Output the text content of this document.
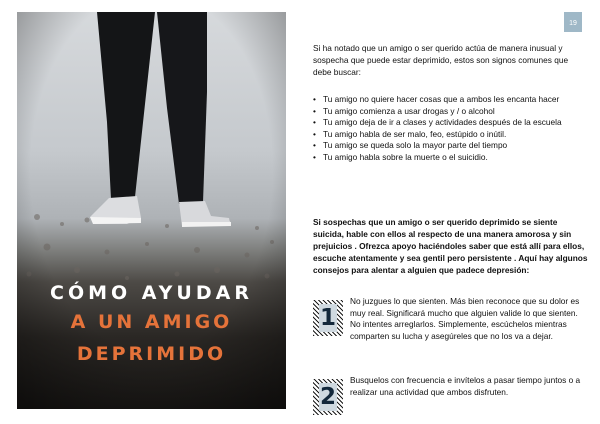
CÓMO AYUDAR
A UN AMIGO
DEPRIMIDO
19

Si ha notado que un amigo o ser querido actúa de manera inusual y sospecha que puede estar deprimido, estos son signos comunes que debe buscar:

• Tu amigo no quiere hacer cosas que a ambos les encanta hacer
• Tu amigo comienza a usar drogas y / o alcohol
• Tu amigo deja de ir a clases y actividades después de la escuela
• Tu amigo habla de ser malo, feo, estúpido o inútil.
• Tu amigo se queda solo la mayor parte del tiempo
• Tu amigo habla sobre la muerte o el suicidio.

Si sospechas que un amigo o ser querido deprimido se siente suicida, hable con ellos al respecto de una manera amorosa y sin prejuicios . Ofrezca apoyo haciéndoles saber que está allí para ellos, escuche atentamente y sea gentil pero persistente . Aquí hay algunos consejos para alentar a alguien que padece depresión:

1
No juzgues lo que sienten. Más bien reconoce que su dolor es muy real. Significará mucho que alguien valide lo que sienten. No intentes arreglarlos. Simplemente, escúchelos mientras comparten su lucha y asegúreles que no los va a dejar.
2
Busquelos con frecuencia e invítelos a pasar tiempo juntos o a realizar una actividad que ambos disfruten.
